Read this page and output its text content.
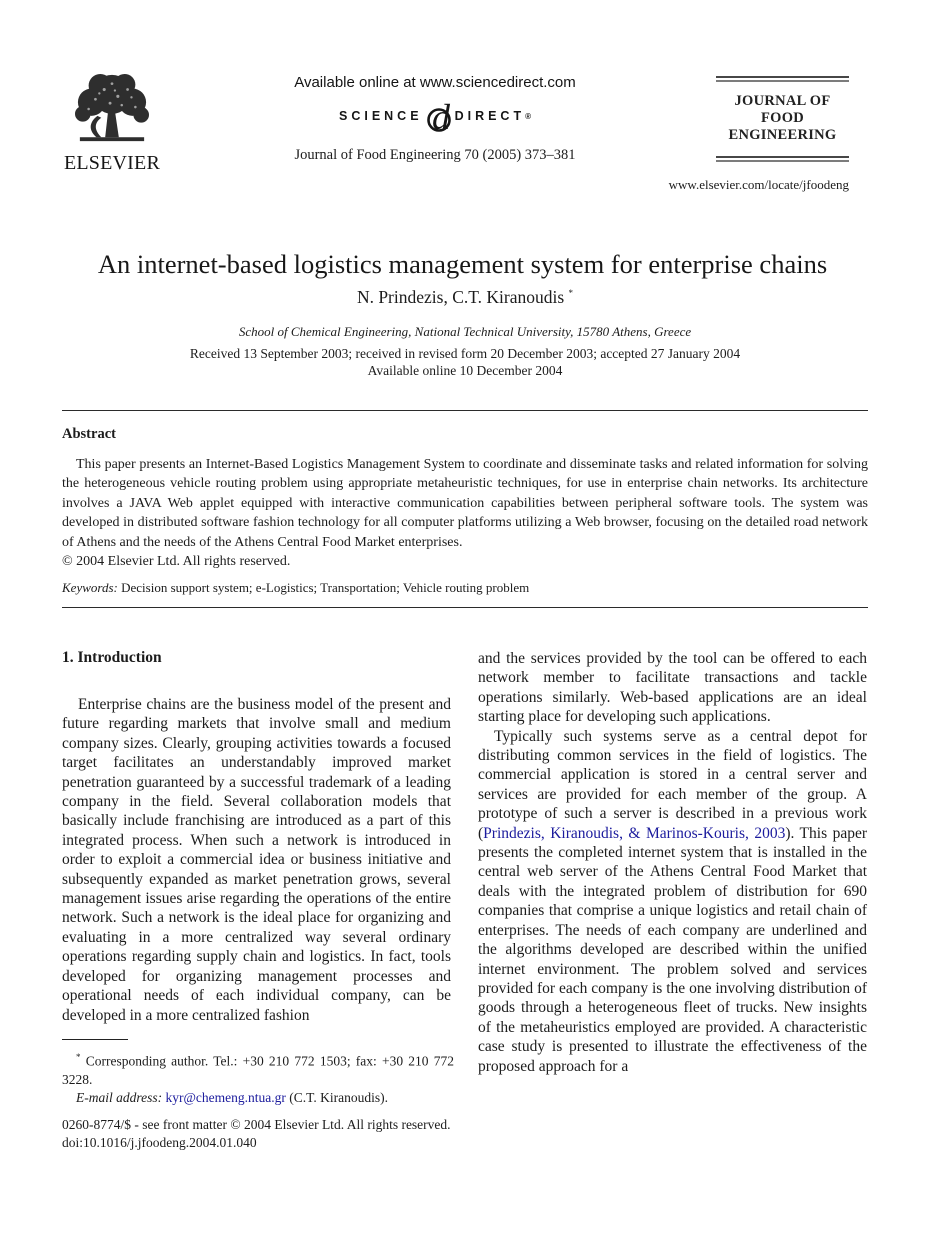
ELSEVIER
Available online at www.sciencedirect.com
SCIENCE d DIRECT ®
Journal of Food Engineering 70 (2005) 373–381
JOURNAL OF
FOOD
ENGINEERING
www.elsevier.com/locate/jfoodeng
An internet-based logistics management system for enterprise chains
N. Prindezis, C.T. Kiranoudis *
School of Chemical Engineering, National Technical University, 15780 Athens, Greece
Received 13 September 2003; received in revised form 20 December 2003; accepted 27 January 2004
Available online 10 December 2004
Abstract

This paper presents an Internet-Based Logistics Management System to coordinate and disseminate tasks and related information for solving the heterogeneous vehicle routing problem using appropriate metaheuristic techniques, for use in enterprise chain networks. Its architecture involves a JAVA Web applet equipped with interactive communication capabilities between peripheral software tools. The system was developed in distributed software fashion technology for all computer platforms utilizing a Web browser, focusing on the detailed road network of Athens and the needs of the Athens Central Food Market enterprises.

© 2004 Elsevier Ltd. All rights reserved.

Keywords: Decision support system; e-Logistics; Transportation; Vehicle routing problem
1. Introduction

Enterprise chains are the business model of the present and future regarding markets that involve small and medium company sizes. Clearly, grouping activities towards a focused target facilitates an understandably improved market penetration guaranteed by a successful trademark of a leading company in the field. Several collaboration models that basically include franchising are introduced as a part of this integrated process. When such a network is introduced in order to exploit a commercial idea or business initiative and subsequently expanded as market penetration grows, several management issues arise regarding the operations of the entire network. Such a network is the ideal place for organizing and evaluating in a more centralized way several ordinary operations regarding supply chain and logistics. In fact, tools developed for organizing management processes and operational needs of each individual company, can be developed in a more centralized fashion

and the services provided by the tool can be offered to each network member to facilitate transactions and tackle operations similarly. Web-based applications are an ideal starting place for developing such applications.

Typically such systems serve as a central depot for distributing common services in the field of logistics. The commercial application is stored in a central server and services are provided for each member of the group. A prototype of such a server is described in a previous work (Prindezis, Kiranoudis, & Marinos-Kouris, 2003). This paper presents the completed internet system that is installed in the central web server of the Athens Central Food Market that deals with the integrated problem of distribution for 690 companies that comprise a unique logistics and retail chain of enterprises. The needs of each company are underlined and the algorithms developed are described within the unified internet environment. The problem solved and services provided for each company is the one involving distribution of goods through a heterogeneous fleet of trucks. New insights of the metaheuristics employed are provided. A characteristic case study is presented to illustrate the effectiveness of the proposed approach for a

* Corresponding author. Tel.: +30 210 772 1503; fax: +30 210 772 3228.

E-mail address: kyr@chemeng.ntua.gr (C.T. Kiranoudis).

0260-8774/$ - see front matter © 2004 Elsevier Ltd. All rights reserved.
doi:10.1016/j.jfoodeng.2004.01.040
